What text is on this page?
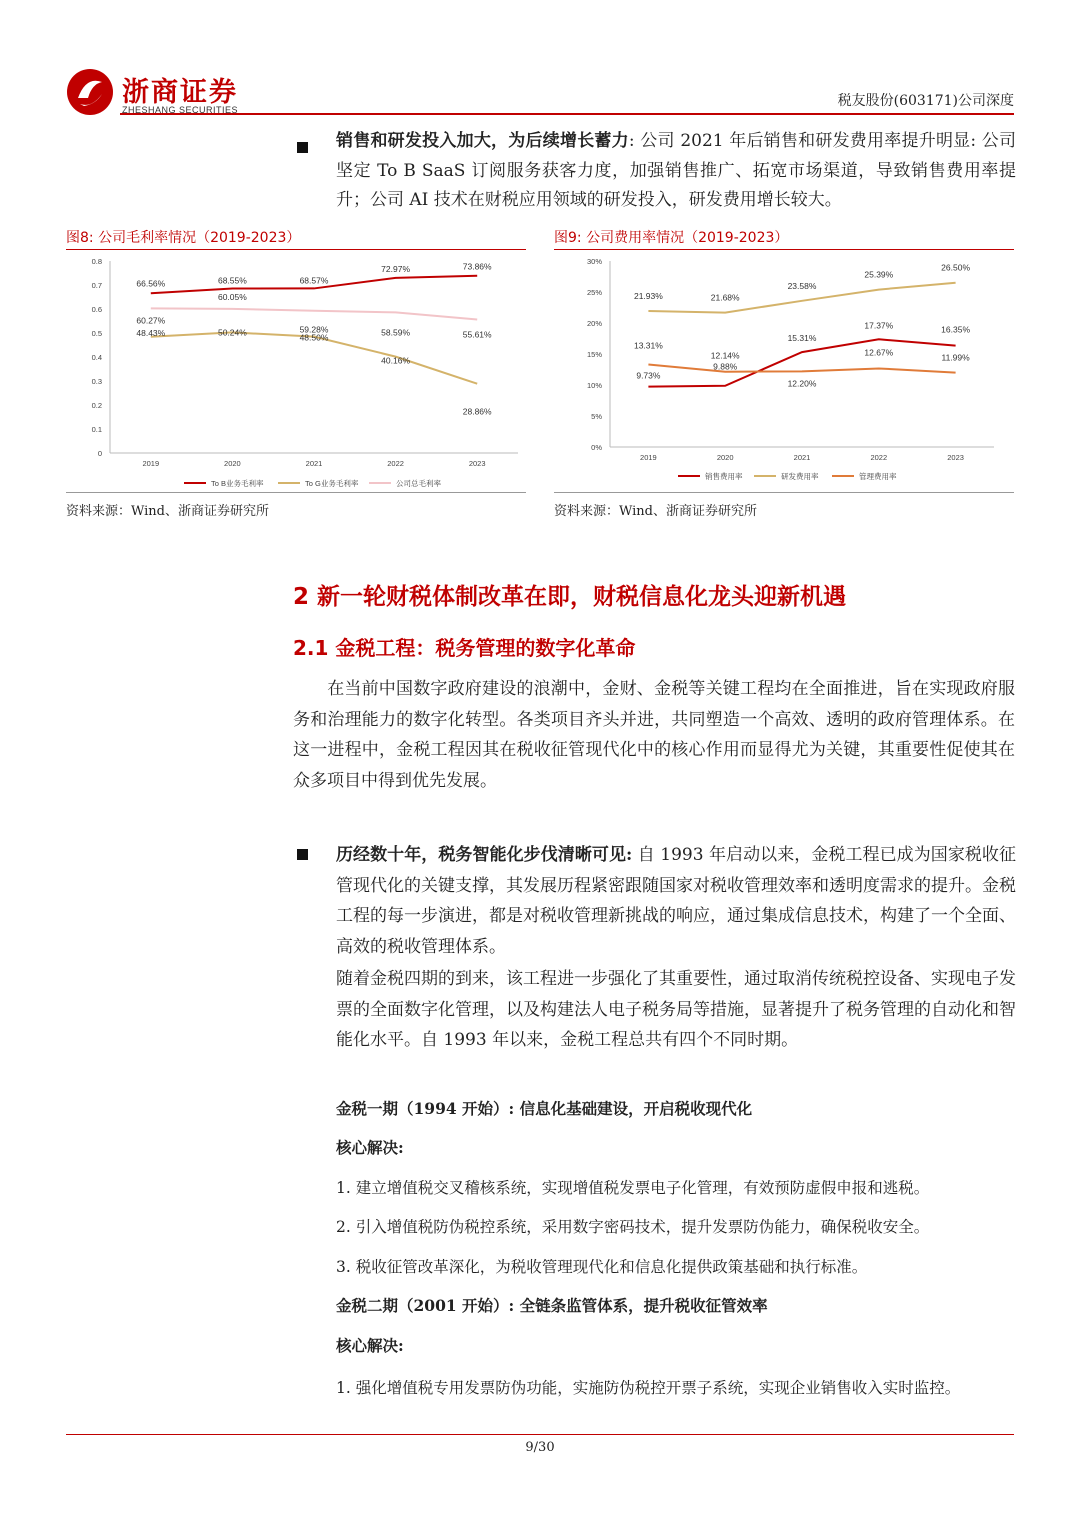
浙商证券
ZHESHANG SECURITIES
税友股份(603171)公司深度
销售和研发投入加大，为后续增长蓄力: 公司 2021 年后销售和研发费用率提升明显: 公司坚定 To B SaaS 订阅服务获客力度，加强销售推广、拓宽市场渠道，导致销售费用率提升；公司 AI 技术在财税应用领域的研发投入，研发费用增长较大。
图8: 公司毛利率情况（2019-2023）
0
0.1
0.2
0.3
0.4
0.5
0.6
0.7
0.8
2019	2020	2021	2022	2023
66.56%	68.55%	68.57%
72.97%	73.86%
48.43%	50.24%
48.50%
40.16%
28.86%
60.27%
60.05%
59.28%	58.59%	55.61%
To B业务毛利率	To G业务毛利率	公司总毛利率
资料来源：Wind、浙商证券研究所
图9: 公司费用率情况（2019-2023）
0%
5%
10%
15%
20%
25%
30%
2019	2020	2021	2022	2023
9.73%
9.88%
15.31%
17.37%	16.35%
21.93%	21.68%
23.58%
25.39%
26.50%
13.31%
12.14%
12.20%
12.67%
11.99%
销售费用率	研发费用率	管理费用率
资料来源：Wind、浙商证券研究所
2 新一轮财税体制改革在即，财税信息化龙头迎新机遇
2.1 金税工程：税务管理的数字化革命
在当前中国数字政府建设的浪潮中，金财、金税等关键工程均在全面推进，旨在实现政府服务和治理能力的数字化转型。各类项目齐头并进，共同塑造一个高效、透明的政府管理体系。在这一进程中，金税工程因其在税收征管现代化中的核心作用而显得尤为关键，其重要性促使其在众多项目中得到优先发展。
历经数十年，税务智能化步伐清晰可见: 自 1993 年启动以来，金税工程已成为国家税收征管现代化的关键支撑，其发展历程紧密跟随国家对税收管理效率和透明度需求的提升。金税工程的每一步演进，都是对税收管理新挑战的响应，通过集成信息技术，构建了一个全面、高效的税收管理体系。
随着金税四期的到来，该工程进一步强化了其重要性，通过取消传统税控设备、实现电子发票的全面数字化管理，以及构建法人电子税务局等措施，显著提升了税务管理的自动化和智能化水平。自 1993 年以来，金税工程总共有四个不同时期。
金税一期（1994 开始）: 信息化基础建设，开启税收现代化
核心解决:
1. 建立增值税交叉稽核系统，实现增值税发票电子化管理，有效预防虚假申报和逃税。
2. 引入增值税防伪税控系统，采用数字密码技术，提升发票防伪能力，确保税收安全。
3. 税收征管改革深化，为税收管理现代化和信息化提供政策基础和执行标准。
金税二期（2001 开始）: 全链条监管体系，提升税收征管效率
核心解决:
1. 强化增值税专用发票防伪功能，实施防伪税控开票子系统，实现企业销售收入实时监控。
9/30
